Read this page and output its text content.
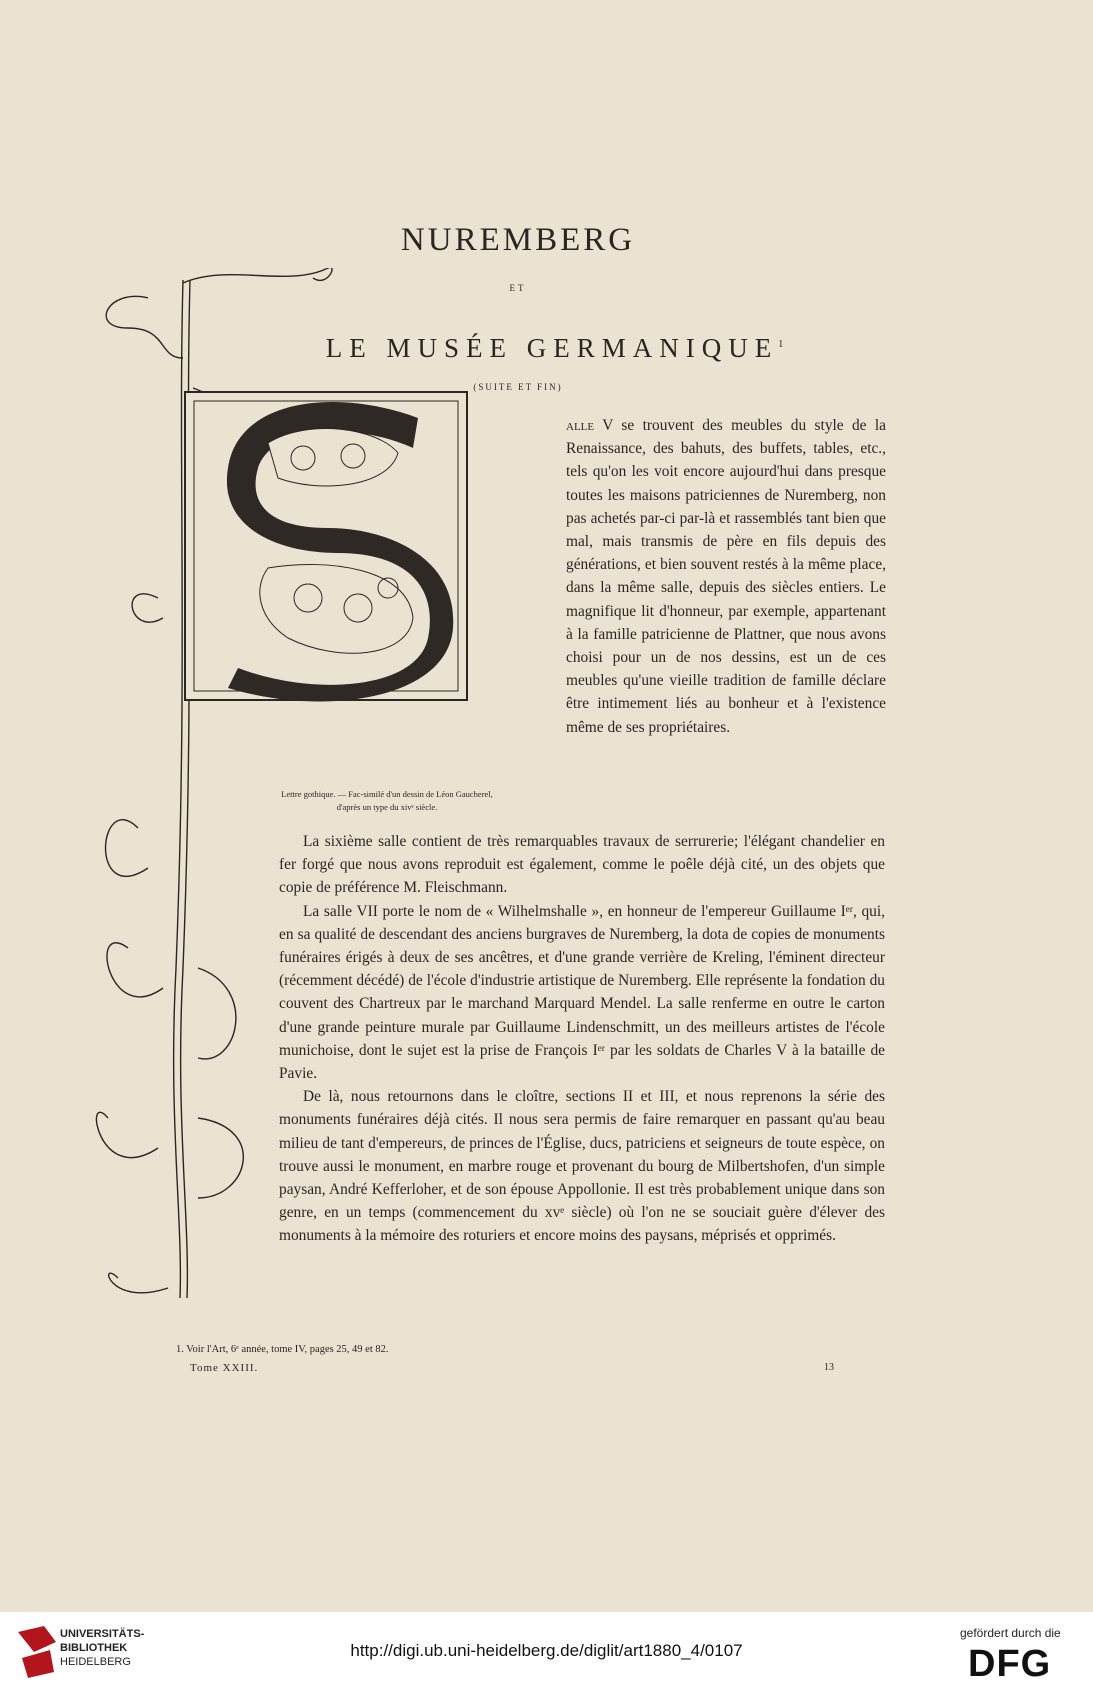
NUREMBERG
ET
LE MUSÉE GERMANIQUE$^1$
(SUITE ET FIN)
Lettre gothique. — Fac-similé d'un dessin de Léon Gaucherel,
d'après un type du xivᵉ siècle.

alle V se trouvent des meubles du style de la Renaissance, des bahuts, des buffets, tables, etc., tels qu'on les voit encore aujourd'hui dans presque toutes les maisons patriciennes de Nuremberg, non pas achetés par-ci par-là et rassemblés tant bien que mal, mais transmis de père en fils depuis des générations, et bien souvent restés à la même place, dans la même salle, depuis des siècles entiers. Le magnifique lit d'honneur, par exemple, appartenant à la famille patricienne de Plattner, que nous avons choisi pour un de nos dessins, est un de ces meubles qu'une vieille tradition de famille déclare être intimement liés au bonheur et à l'existence même de ses propriétaires.

La sixième salle contient de très remarquables travaux de serrurerie; l'élégant chandelier en fer forgé que nous avons reproduit est également, comme le poêle déjà cité, un des objets que copie de préférence M. Fleischmann.

La salle VII porte le nom de « Wilhelmshalle », en honneur de l'empereur Guillaume Iᵉʳ, qui, en sa qualité de descendant des anciens burgraves de Nuremberg, la dota de copies de monuments funéraires érigés à deux de ses ancêtres, et d'une grande verrière de Kreling, l'éminent directeur (récemment décédé) de l'école d'industrie artistique de Nuremberg. Elle représente la fondation du couvent des Chartreux par le marchand Marquard Mendel. La salle renferme en outre le carton d'une grande peinture murale par Guillaume Lindenschmitt, un des meilleurs artistes de l'école munichoise, dont le sujet est la prise de François Iᵉʳ par les soldats de Charles V à la bataille de Pavie.

De là, nous retournons dans le cloître, sections II et III, et nous reprenons la série des monuments funéraires déjà cités. Il nous sera permis de faire remarquer en passant qu'au beau milieu de tant d'empereurs, de princes de l'Église, ducs, patriciens et seigneurs de toute espèce, on trouve aussi le monument, en marbre rouge et provenant du bourg de Milbertshofen, d'un simple paysan, André Kefferloher, et de son épouse Appollonie. Il est très probablement unique dans son genre, en un temps (commencement du xvᵉ siècle) où l'on ne se souciait guère d'élever des monuments à la mémoire des roturiers et encore moins des paysans, méprisés et opprimés.

1. Voir l'Art, 6ᵉ année, tome IV, pages 25, 49 et 82.
Tome XXIII.	13
UNIVERSITÄTS-
BIBLIOTHEK
HEIDELBERG
http://digi.ub.uni-heidelberg.de/diglit/art1880_4/0107
gefördert durch die
DFG
